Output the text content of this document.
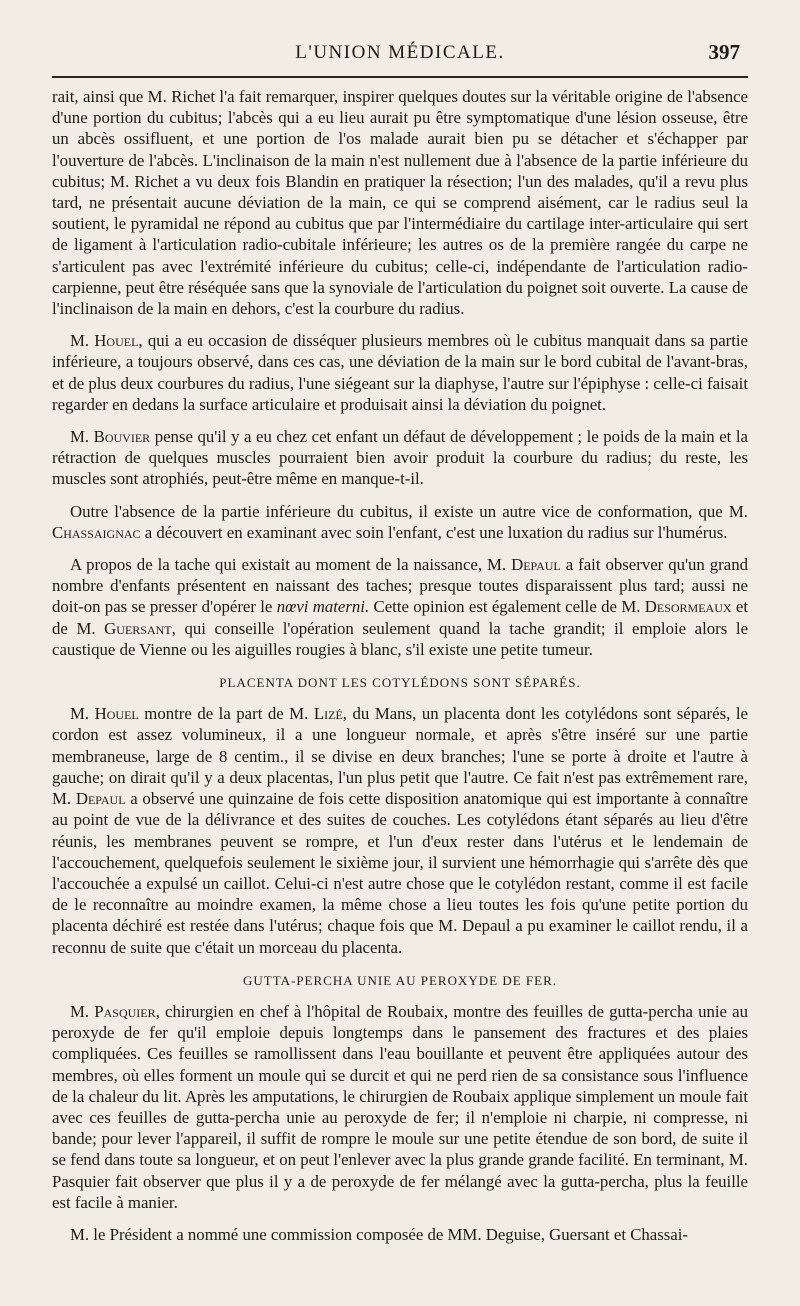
L'UNION MÉDICALE.	397

rait, ainsi que M. Richet l'a fait remarquer, inspirer quelques doutes sur la véritable origine de l'absence d'une portion du cubitus; l'abcès qui a eu lieu aurait pu être symptomatique d'une lésion osseuse, être un abcès ossifluent, et une portion de l'os malade aurait bien pu se détacher et s'échapper par l'ouverture de l'abcès. L'inclinaison de la main n'est nullement due à l'absence de la partie inférieure du cubitus; M. Richet a vu deux fois Blandin en pratiquer la résection; l'un des malades, qu'il a revu plus tard, ne présentait aucune déviation de la main, ce qui se comprend aisément, car le radius seul la soutient, le pyramidal ne répond au cubitus que par l'intermédiaire du cartilage inter-articulaire qui sert de ligament à l'articulation radio-cubitale inférieure; les autres os de la première rangée du carpe ne s'articulent pas avec l'extrémité inférieure du cubitus; celle-ci, indépendante de l'articulation radio-carpienne, peut être réséquée sans que la synoviale de l'articulation du poignet soit ouverte. La cause de l'inclinaison de la main en dehors, c'est la courbure du radius.

M. Houel, qui a eu occasion de disséquer plusieurs membres où le cubitus manquait dans sa partie inférieure, a toujours observé, dans ces cas, une déviation de la main sur le bord cubital de l'avant-bras, et de plus deux courbures du radius, l'une siégeant sur la diaphyse, l'autre sur l'épiphyse : celle-ci faisait regarder en dedans la surface articulaire et produisait ainsi la déviation du poignet.

M. Bouvier pense qu'il y a eu chez cet enfant un défaut de développement ; le poids de la main et la rétraction de quelques muscles pourraient bien avoir produit la courbure du radius; du reste, les muscles sont atrophiés, peut-être même en manque-t-il.

Outre l'absence de la partie inférieure du cubitus, il existe un autre vice de conformation, que M. Chassaignac a découvert en examinant avec soin l'enfant, c'est une luxation du radius sur l'humérus.

A propos de la tache qui existait au moment de la naissance, M. Depaul a fait observer qu'un grand nombre d'enfants présentent en naissant des taches; presque toutes disparaissent plus tard; aussi ne doit-on pas se presser d'opérer le nœvi materni. Cette opinion est également celle de M. Desormeaux et de M. Guersant, qui conseille l'opération seulement quand la tache grandit; il emploie alors le caustique de Vienne ou les aiguilles rougies à blanc, s'il existe une petite tumeur.

PLACENTA DONT LES COTYLÉDONS SONT SÉPARÉS.

M. Houel montre de la part de M. Lizé, du Mans, un placenta dont les cotylédons sont séparés, le cordon est assez volumineux, il a une longueur normale, et après s'être inséré sur une partie membraneuse, large de 8 centim., il se divise en deux branches; l'une se porte à droite et l'autre à gauche; on dirait qu'il y a deux placentas, l'un plus petit que l'autre. Ce fait n'est pas extrêmement rare, M. Depaul a observé une quinzaine de fois cette disposition anatomique qui est importante à connaître au point de vue de la délivrance et des suites de couches. Les cotylédons étant séparés au lieu d'être réunis, les membranes peuvent se rompre, et l'un d'eux rester dans l'utérus et le lendemain de l'accouchement, quelquefois seulement le sixième jour, il survient une hémorrhagie qui s'arrête dès que l'accouchée a expulsé un caillot. Celui-ci n'est autre chose que le cotylédon restant, comme il est facile de le reconnaître au moindre examen, la même chose a lieu toutes les fois qu'une petite portion du placenta déchiré est restée dans l'utérus; chaque fois que M. Depaul a pu examiner le caillot rendu, il a reconnu de suite que c'était un morceau du placenta.

GUTTA-PERCHA UNIE AU PEROXYDE DE FER.

M. Pasquier, chirurgien en chef à l'hôpital de Roubaix, montre des feuilles de gutta-percha unie au peroxyde de fer qu'il emploie depuis longtemps dans le pansement des fractures et des plaies compliquées. Ces feuilles se ramollissent dans l'eau bouillante et peuvent être appliquées autour des membres, où elles forment un moule qui se durcit et qui ne perd rien de sa consistance sous l'influence de la chaleur du lit. Après les amputations, le chirurgien de Roubaix applique simplement un moule fait avec ces feuilles de gutta-percha unie au peroxyde de fer; il n'emploie ni charpie, ni compresse, ni bande; pour lever l'appareil, il suffit de rompre le moule sur une petite étendue de son bord, de suite il se fend dans toute sa longueur, et on peut l'enlever avec la plus grande grande facilité. En terminant, M. Pasquier fait observer que plus il y a de peroxyde de fer mélangé avec la gutta-percha, plus la feuille est facile à manier.

M. le Président a nommé une commission composée de MM. Deguise, Guersant et Chassai-
